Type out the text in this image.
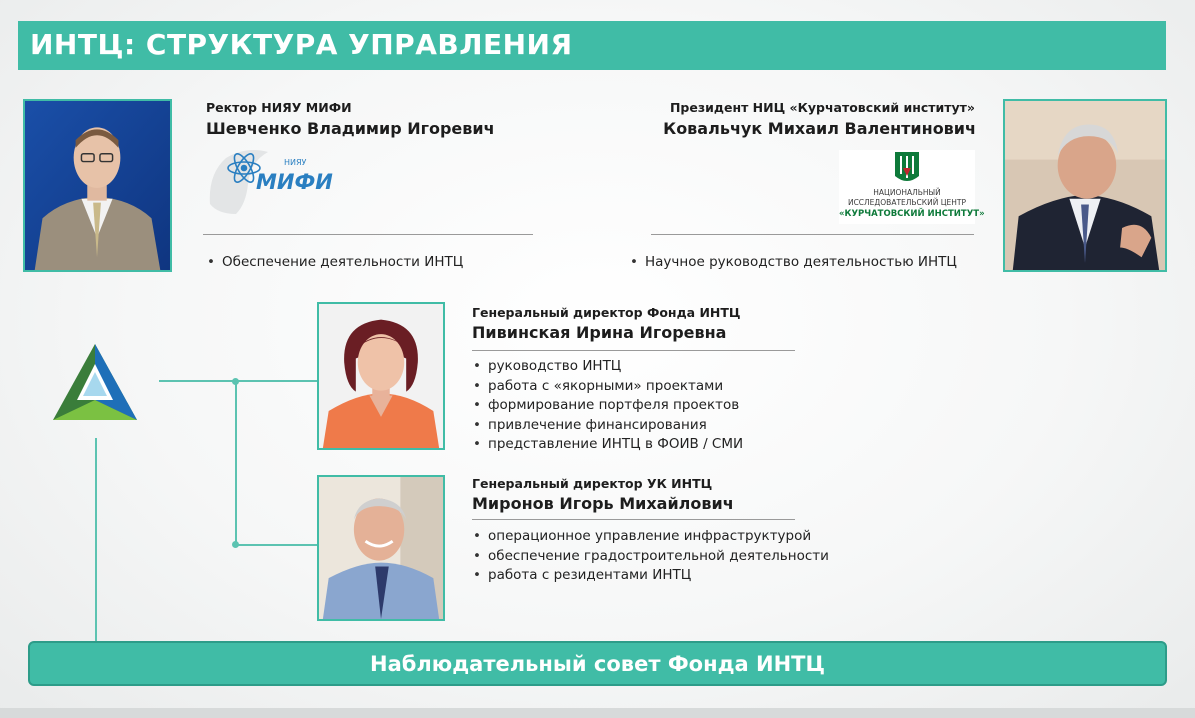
ИНТЦ: СТРУКТУРА УПРАВЛЕНИЯ
Ректор НИЯУ МИФИ
Шевченко Владимир Игоревич
НИЯУ
МИФИ
• Обеспечение деятельности ИНТЦ
Президент НИЦ «Курчатовский институт»
Ковальчук Михаил Валентинович
НАЦИОНАЛЬНЫЙ
ИССЛЕДОВАТЕЛЬСКИЙ ЦЕНТР
«КУРЧАТОВСКИЙ ИНСТИТУТ»
• Научное руководство деятельностью ИНТЦ
Генеральный директор Фонда ИНТЦ
Пивинская Ирина Игоревна
• руководство ИНТЦ
• работа с «якорными» проектами
• формирование портфеля проектов
• привлечение финансирования
• представление ИНТЦ в ФОИВ / СМИ
Генеральный директор УК ИНТЦ
Миронов Игорь Михайлович
• операционное управление инфраструктурой
• обеспечение градостроительной деятельности
• работа с резидентами ИНТЦ
Наблюдательный совет Фонда ИНТЦ
